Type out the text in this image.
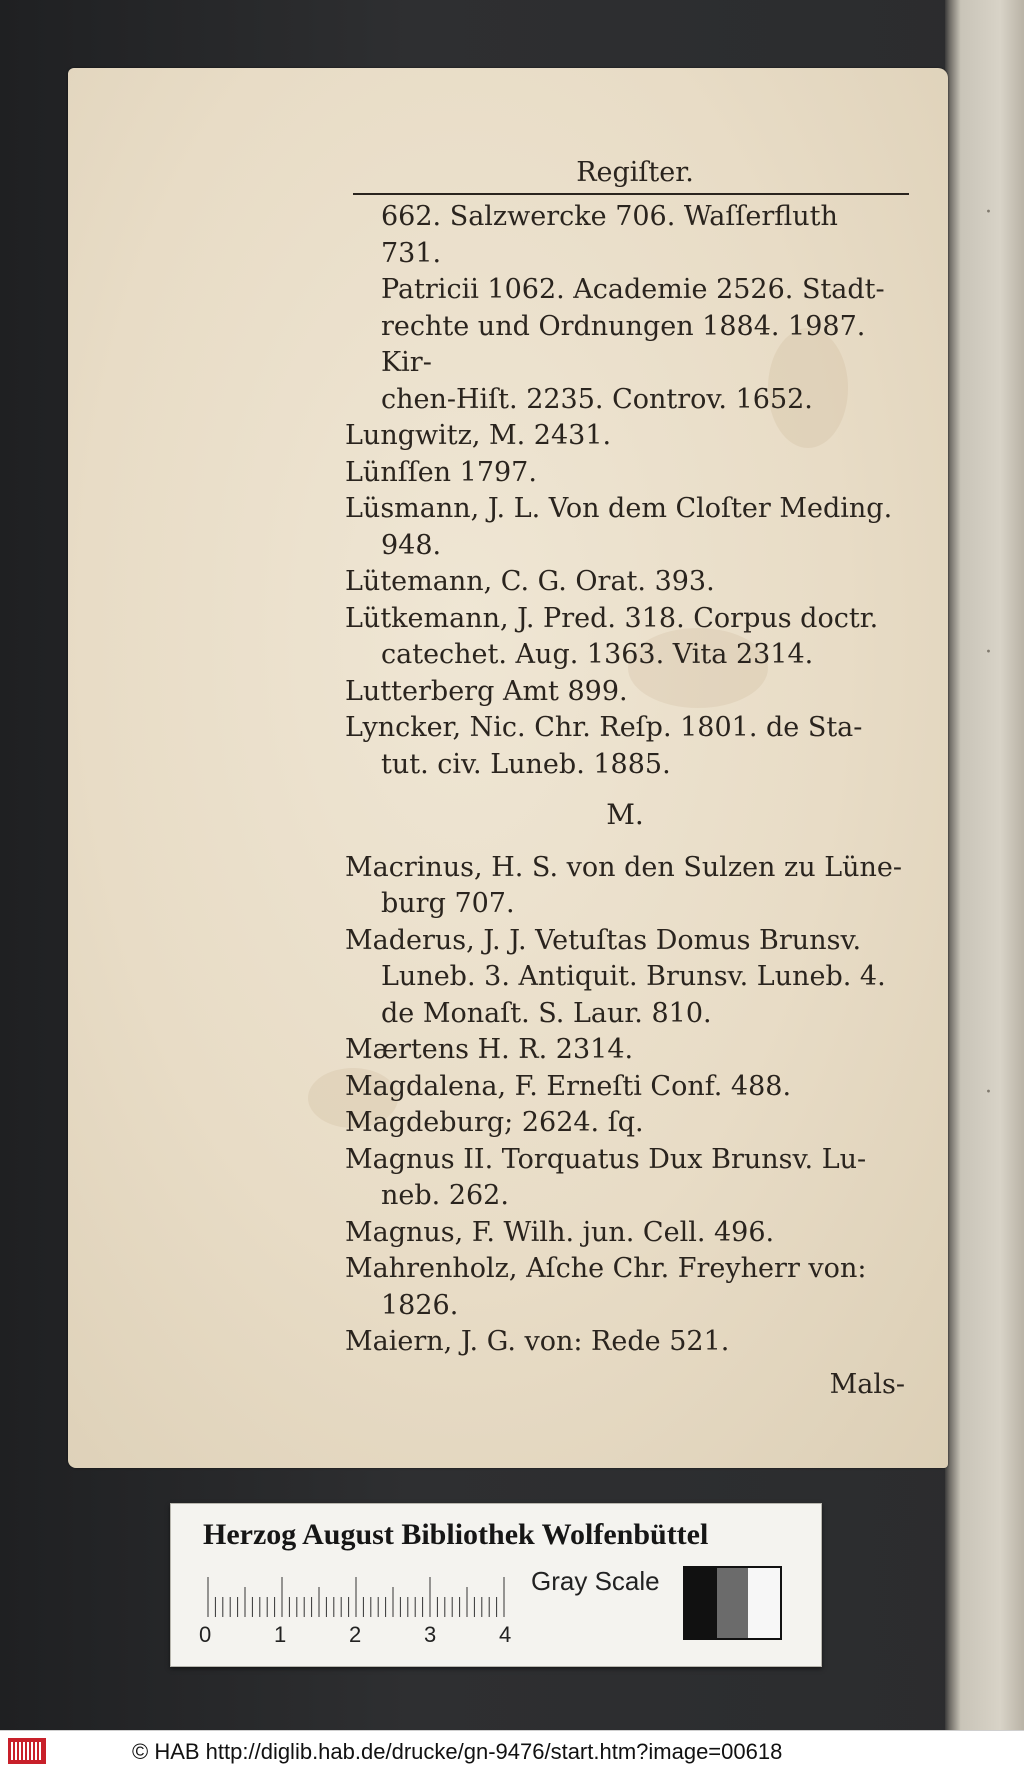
·
·
·
Regiſter.
662. Salzwercke 706. Waſſerfluth 731.
Patricii 1062. Academie 2526. Stadt-
rechte und Ordnungen 1884. 1987. Kir-
chen-Hiſt. 2235. Controv. 1652.
Lungwitz, M. 2431.
Lünſſen 1797.
Lüsmann, J. L. Von dem Cloſter Meding.
948.
Lütemann, C. G. Orat. 393.
Lütkemann, J. Pred. 318. Corpus doctr.
catechet. Aug. 1363. Vita 2314.
Lutterberg Amt 899.
Lyncker, Nic. Chr. Reſp. 1801. de Sta-
tut. civ. Luneb. 1885.
M.
Macrinus, H. S. von den Sulzen zu Lüne-
burg 707.
Maderus, J. J. Vetuſtas Domus Brunsv.
Luneb. 3. Antiquit. Brunsv. Luneb. 4.
de Monaſt. S. Laur. 810.
Mærtens H. R. 2314.
Magdalena, F. Erneſti Conf. 488.
Magdeburg; 2624. ſq.
Magnus II. Torquatus Dux Brunsv. Lu-
neb. 262.
Magnus, F. Wilh. jun. Cell. 496.
Mahrenholz, Aſche Chr. Freyherr von:
1826.
Maiern, J. G. von: Rede 521.
Mals-
Herzog August Bibliothek Wolfenbüttel
0	1	2	3	4
Gray Scale
© HAB http://diglib.hab.de/drucke/gn-9476/start.htm?image=00618
